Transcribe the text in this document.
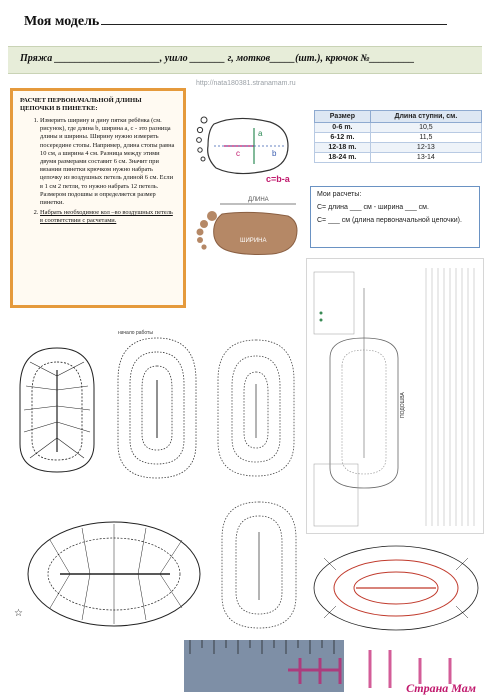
Моя модель
Пряжа _____________________, ушло _______ г, мотков_____(шт.), крючок №_________
http://nata180381.stranamam.ru
РАСЧЕТ ПЕРВОНАЧАЛЬНОЙ ДЛИНЫ ЦЕПОЧКИ В ПИНЕТКЕ:
1. Измерить ширину и дину пятки ребёнка (см. рисунок), где длина b, ширина a, c - это разница длины и ширины. Ширину нужно измерять посередине стопы. Например, длина стопы равна 10 см, а ширина 4 см. Разница между этими двумя размерами составит 6 см. Значит при вязании пинетки крючком нужно набрать цепочку из воздушных петель длиной 6 см. Если в 1 см 2 петли, то нужно набрать 12 петель. Размером подошвы и определяется размер пинетки.
2. Набрать необходимое кол –во воздушных петель в соответствии с расчетами.
a
b
c
c=b-a
ДЛИНА
ШИРИНА
Размер	Длина ступни, см.
0-6 m.	10,5
6-12 m.	11,5
12-18 m.	12-13
18-24 m.	13-14
Мои расчеты:
C= длина ___ см - ширина ___ см.
C= ___ см (длина первоначальной цепочки).
ПОДОШВА
начало работы
☆
Страна Мам
